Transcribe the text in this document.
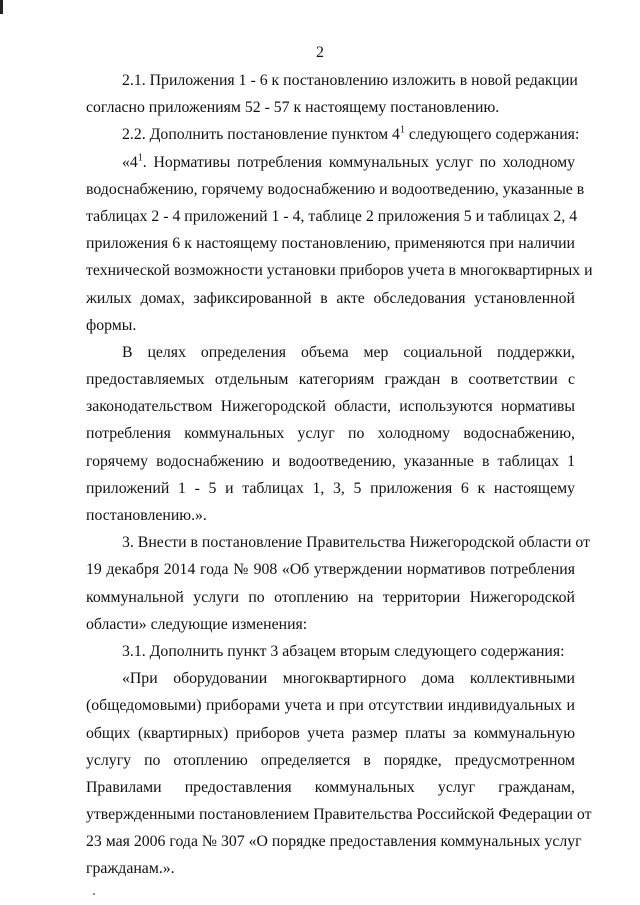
2
2.1. Приложения 1 - 6 к постановлению изложить в новой редакции
согласно приложениям 52 - 57 к настоящему постановлению.
2.2. Дополнить постановление пунктом $4^1$ следующего содержания:
«$4^1$. Нормативы потребления коммунальных услуг по холодному
водоснабжению, горячему водоснабжению и водоотведению, указанные в
таблицах 2 - 4 приложений 1 - 4, таблице 2 приложения 5 и таблицах 2, 4
приложения 6 к настоящему постановлению, применяются при наличии
технической возможности установки приборов учета в многоквартирных и
жилых домах, зафиксированной в акте обследования установленной
формы.
В целях определения объема мер социальной поддержки,
предоставляемых отдельным категориям граждан в соответствии с
законодательством Нижегородской области, используются нормативы
потребления коммунальных услуг по холодному водоснабжению,
горячему водоснабжению и водоотведению, указанные в таблицах 1
приложений 1 - 5 и таблицах 1, 3, 5 приложения 6 к настоящему
постановлению.».
3. Внести в постановление Правительства Нижегородской области от
19 декабря 2014 года № 908 «Об утверждении нормативов потребления
коммунальной услуги по отоплению на территории Нижегородской
области» следующие изменения:
3.1. Дополнить пункт 3 абзацем вторым следующего содержания:
«При оборудовании многоквартирного дома коллективными
(общедомовыми) приборами учета и при отсутствии индивидуальных и
общих (квартирных) приборов учета размер платы за коммунальную
услугу по отоплению определяется в порядке, предусмотренном
Правилами предоставления коммунальных услуг гражданам,
утвержденными постановлением Правительства Российской Федерации от
23 мая 2006 года № 307 «О порядке предоставления коммунальных услуг
гражданам.».
